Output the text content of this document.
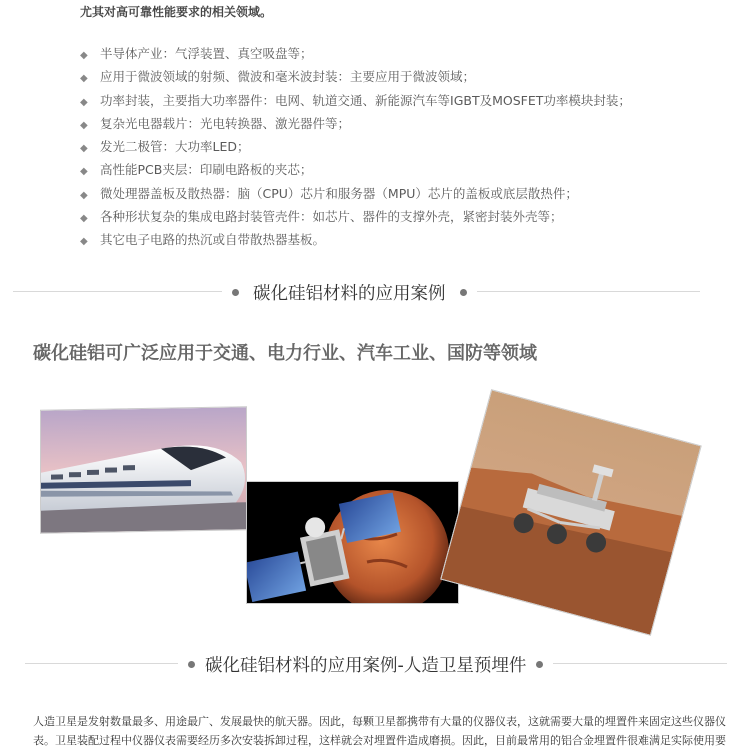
尤其对高可靠性能要求的相关领域。
◆ 半导体产业：气浮装置、真空吸盘等；
◆ 应用于微波领域的射频、微波和毫米波封装：主要应用于微波领域；
◆ 功率封装，主要指大功率器件：电网、轨道交通、新能源汽车等IGBT及MOSFET功率模块封装；
◆ 复杂光电器载片：光电转换器、激光器件等；
◆ 发光二极管：大功率LED；
◆ 高性能PCB夹层：印刷电路板的夹芯；
◆ 微处理器盖板及散热器：脑（CPU）芯片和服务器（MPU）芯片的盖板或底层散热件；
◆ 各种形状复杂的集成电路封装管壳件：如芯片、器件的支撑外壳，紧密封装外壳等；
◆ 其它电子电路的热沉或自带散热器基板。
碳化硅铝材料的应用案例
碳化硅铝可广泛应用于交通、电力行业、汽车工业、国防等领域
碳化硅铝材料的应用案例-人造卫星预埋件
人造卫星是发射数量最多、用途最广、发展最快的航天器。因此，每颗卫星都携带有大量的仪器仪表，这就需要大量的埋置件来固定这些仪器仪
表。卫星装配过程中仪器仪表需要经历多次安装拆卸过程，这样就会对埋置件造成磨损。因此，目前最常用的铝合金埋置件很难满足实际使用要
